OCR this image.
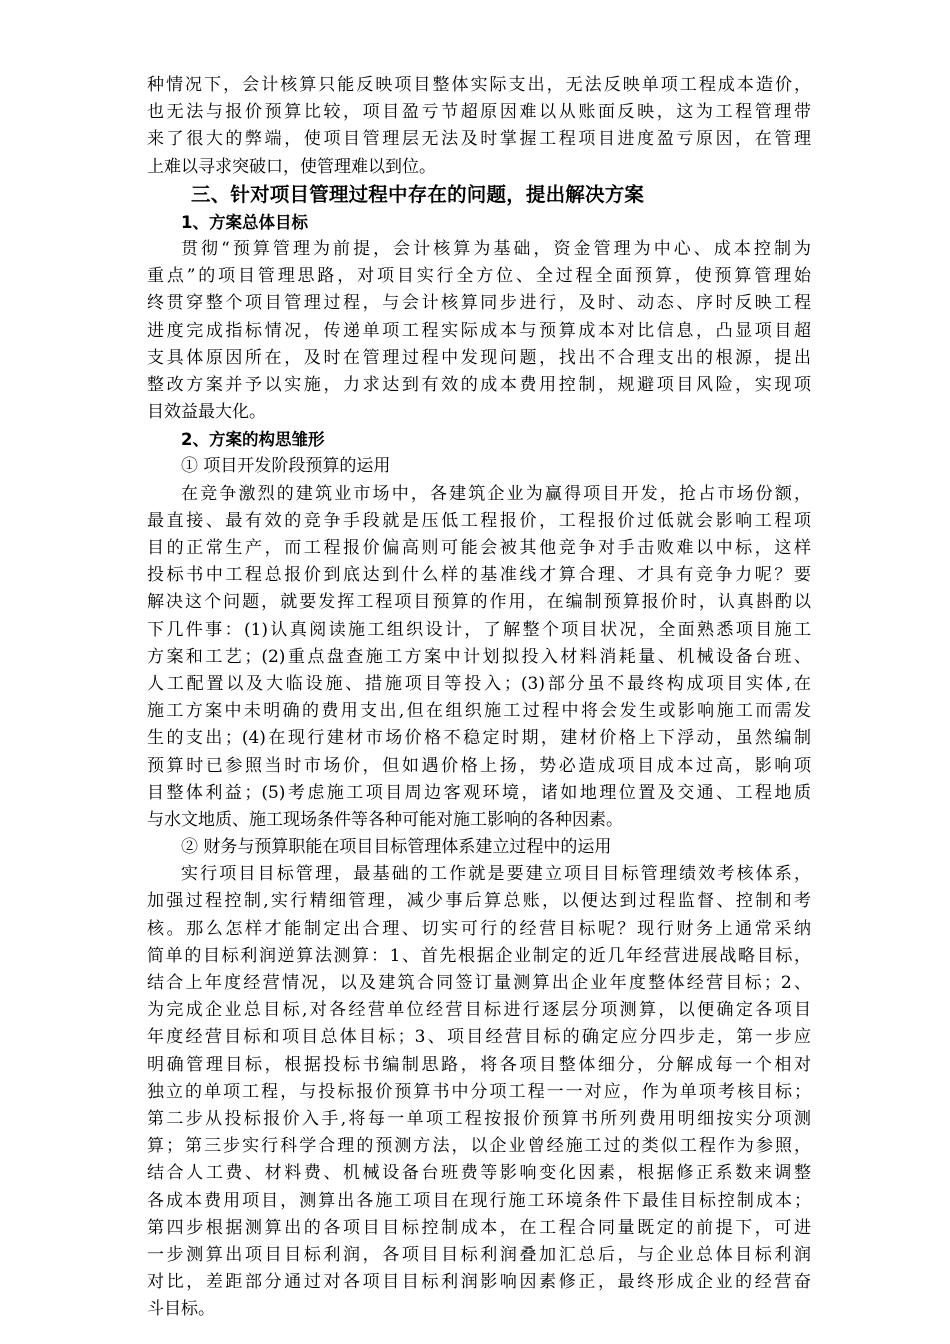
种情况下，会计核算只能反映项目整体实际支出，无法反映单项工程成本造价，
也无法与报价预算比较，项目盈亏节超原因难以从账面反映，这为工程管理带
来了很大的弊端，使项目管理层无法及时掌握工程项目进度盈亏原因，在管理
上难以寻求突破口，使管理难以到位。
三、针对项目管理过程中存在的问题，提出解决方案
1、方案总体目标
贯彻“预算管理为前提，会计核算为基础，资金管理为中心、成本控制为
重点”的项目管理思路，对项目实行全方位、全过程全面预算，使预算管理始
终贯穿整个项目管理过程，与会计核算同步进行，及时、动态、序时反映工程
进度完成指标情况，传递单项工程实际成本与预算成本对比信息，凸显项目超
支具体原因所在，及时在管理过程中发现问题，找出不合理支出的根源，提出
整改方案并予以实施，力求达到有效的成本费用控制，规避项目风险，实现项
目效益最大化。
2、方案的构思雏形
① 项目开发阶段预算的运用
在竞争激烈的建筑业市场中，各建筑企业为赢得项目开发，抢占市场份额，
最直接、最有效的竞争手段就是压低工程报价，工程报价过低就会影响工程项
目的正常生产，而工程报价偏高则可能会被其他竞争对手击败难以中标，这样
投标书中工程总报价到底达到什么样的基准线才算合理、才具有竞争力呢？要
解决这个问题，就要发挥工程项目预算的作用，在编制预算报价时，认真斟酌以
下几件事：(1)认真阅读施工组织设计，了解整个项目状况，全面熟悉项目施工
方案和工艺；(2)重点盘查施工方案中计划拟投入材料消耗量、机械设备台班、
人工配置以及大临设施、措施项目等投入；(3)部分虽不最终构成项目实体,在
施工方案中未明确的费用支出,但在组织施工过程中将会发生或影响施工而需发
生的支出；(4)在现行建材市场价格不稳定时期，建材价格上下浮动，虽然编制
预算时已参照当时市场价，但如遇价格上扬，势必造成项目成本过高，影响项
目整体利益；(5)考虑施工项目周边客观环境，诸如地理位置及交通、工程地质
与水文地质、施工现场条件等各种可能对施工影响的各种因素。
② 财务与预算职能在项目目标管理体系建立过程中的运用
实行项目目标管理，最基础的工作就是要建立项目目标管理绩效考核体系，
加强过程控制,实行精细管理，减少事后算总账，以便达到过程监督、控制和考
核。那么怎样才能制定出合理、切实可行的经营目标呢？现行财务上通常采纳
简单的目标利润逆算法测算：1、首先根据企业制定的近几年经营进展战略目标，
结合上年度经营情况，以及建筑合同签订量测算出企业年度整体经营目标；2、
为完成企业总目标,对各经营单位经营目标进行逐层分项测算，以便确定各项目
年度经营目标和项目总体目标；3、项目经营目标的确定应分四步走，第一步应
明确管理目标，根据投标书编制思路，将各项目整体细分，分解成每一个相对
独立的单项工程，与投标报价预算书中分项工程一一对应，作为单项考核目标；
第二步从投标报价入手,将每一单项工程按报价预算书所列费用明细按实分项测
算；第三步实行科学合理的预测方法，以企业曾经施工过的类似工程作为参照，
结合人工费、材料费、机械设备台班费等影响变化因素，根据修正系数来调整
各成本费用项目，测算出各施工项目在现行施工环境条件下最佳目标控制成本；
第四步根据测算出的各项目目标控制成本，在工程合同量既定的前提下，可进
一步测算出项目目标利润，各项目目标利润叠加汇总后，与企业总体目标利润
对比，差距部分通过对各项目目标利润影响因素修正，最终形成企业的经营奋
斗目标。
